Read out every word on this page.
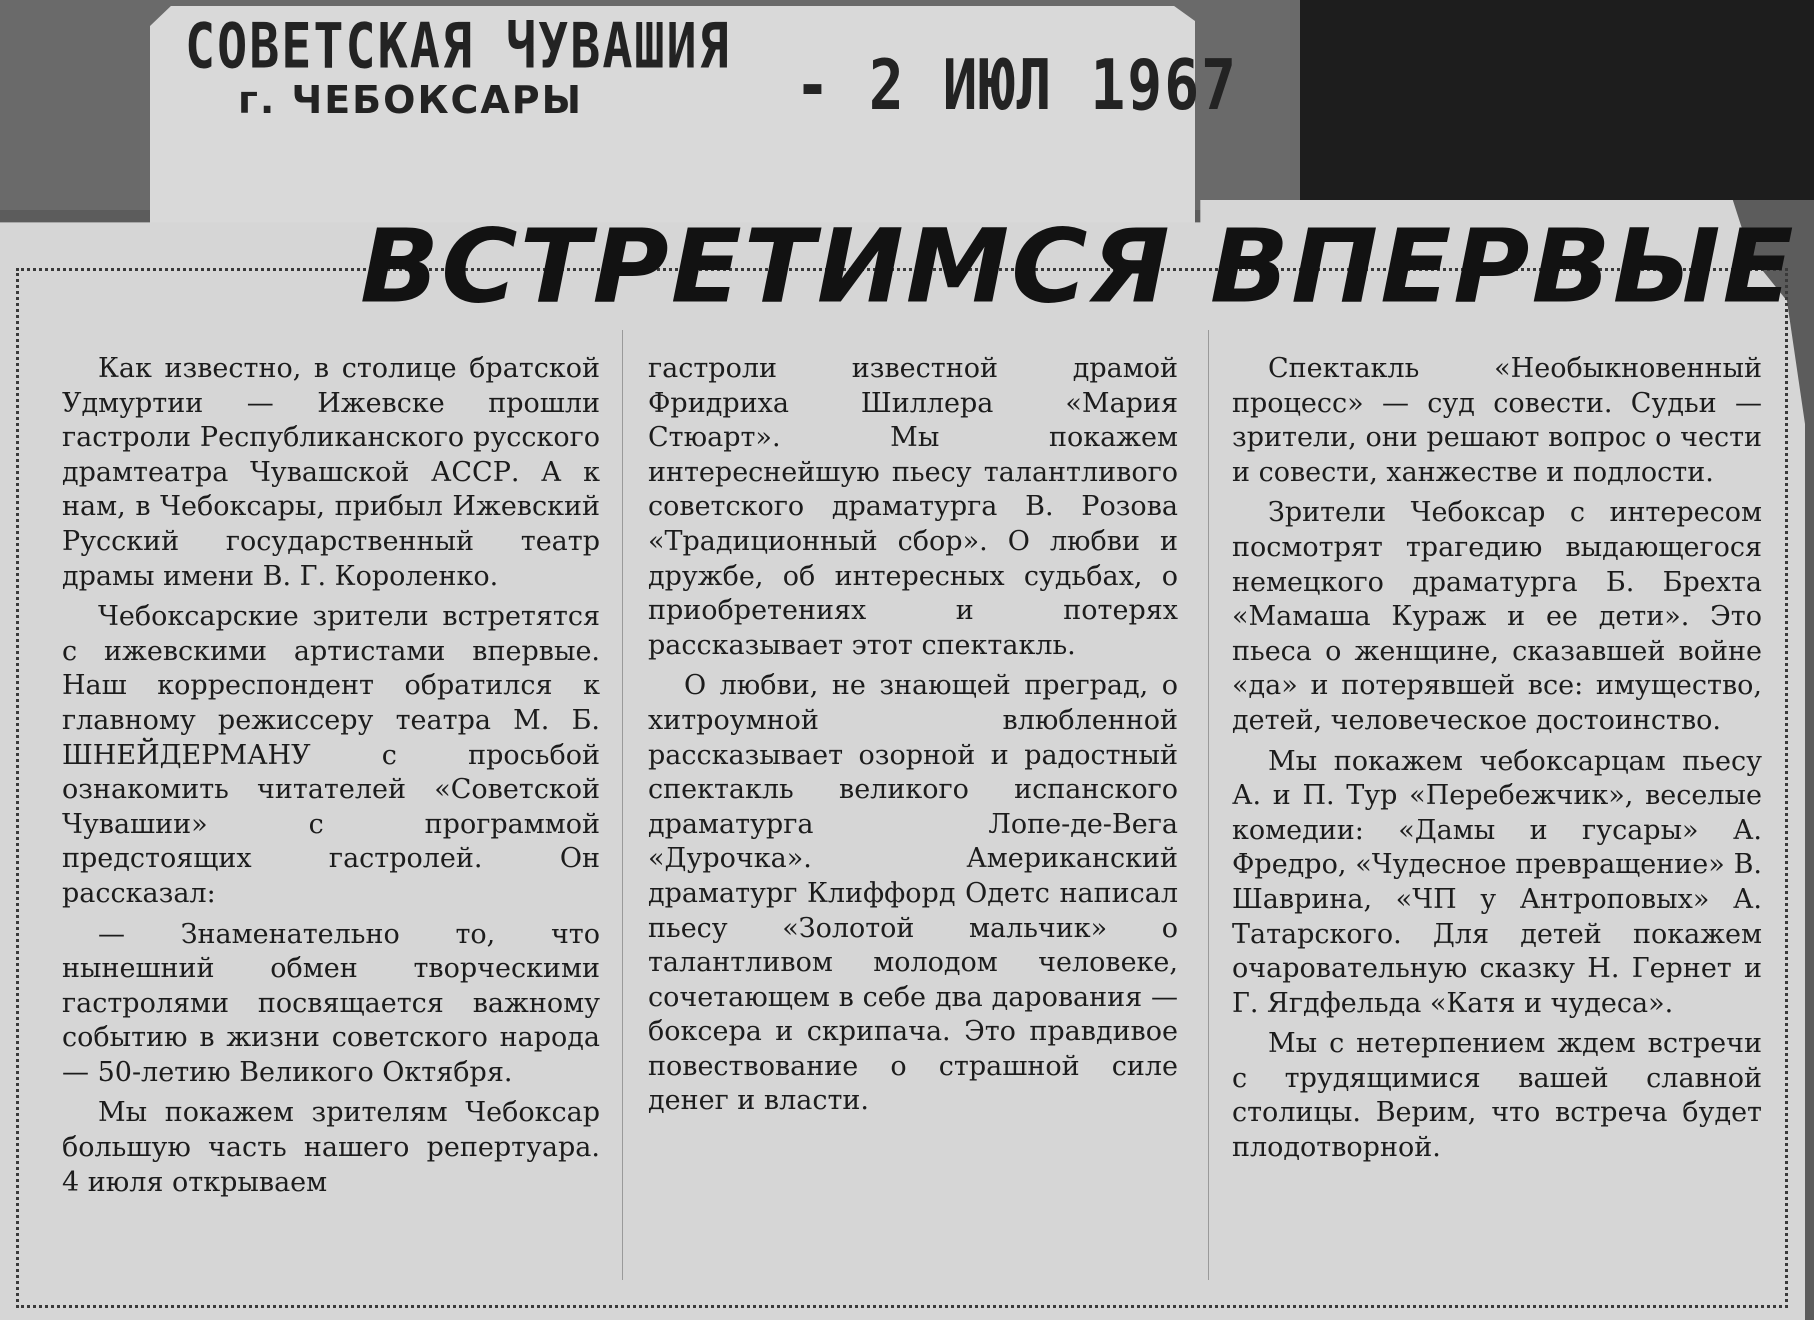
СОВЕТСКАЯ ЧУВАШИЯ
г. ЧЕБОКСАРЫ	- 2 ИЮЛ 1967
ВСТРЕТИМСЯ ВПЕРВЫЕ

Как известно, в столице братской Удмуртии — Ижевске прошли гастроли Республиканского русского драмтеатра Чувашской АССР. А к нам, в Чебоксары, прибыл Ижевский Русский государственный театр драмы имени В. Г. Короленко.

Чебоксарские зрители встретятся с ижевскими артистами впервые. Наш корреспондент обратился к главному режиссеру театра М. Б. ШНЕЙДЕРМАНУ с просьбой ознакомить читателей «Советской Чувашии» с программой предстоящих гастролей. Он рассказал:

— Знаменательно то, что нынешний обмен творческими гастролями посвящается важному событию в жизни советского народа — 50-летию Великого Октября.

Мы покажем зрителям Чебоксар большую часть нашего репертуара. 4 июля открываем

гастроли известной драмой Фридриха Шиллера «Мария Стюарт». Мы покажем интереснейшую пьесу талантливого советского драматурга В. Розова «Традиционный сбор». О любви и дружбе, об интересных судьбах, о приобретениях и потерях рассказывает этот спектакль.

О любви, не знающей преград, о хитроумной влюбленной рассказывает озорной и радостный спектакль великого испанского драматурга Лопе-де-Вега «Дурочка». Американский драматург Клиффорд Одетс написал пьесу «Золотой мальчик» о талантливом молодом человеке, сочетающем в себе два дарования — боксера и скрипача. Это правдивое повествование о страшной силе денег и власти.

Спектакль «Необыкновенный процесс» — суд совести. Судьи — зрители, они решают вопрос о чести и совести, ханжестве и подлости.

Зрители Чебоксар с интересом посмотрят трагедию выдающегося немецкого драматурга Б. Брехта «Мамаша Кураж и ее дети». Это пьеса о женщине, сказавшей войне «да» и потерявшей все: имущество, детей, человеческое достоинство.

Мы покажем чебоксарцам пьесу А. и П. Тур «Перебежчик», веселые комедии: «Дамы и гусары» А. Фредро, «Чудесное превращение» В. Шаврина, «ЧП у Антроповых» А. Татарского. Для детей покажем очаровательную сказку Н. Гернет и Г. Ягдфельда «Катя и чудеса».

Мы с нетерпением ждем встречи с трудящимися вашей славной столицы. Верим, что встреча будет плодотворной.
